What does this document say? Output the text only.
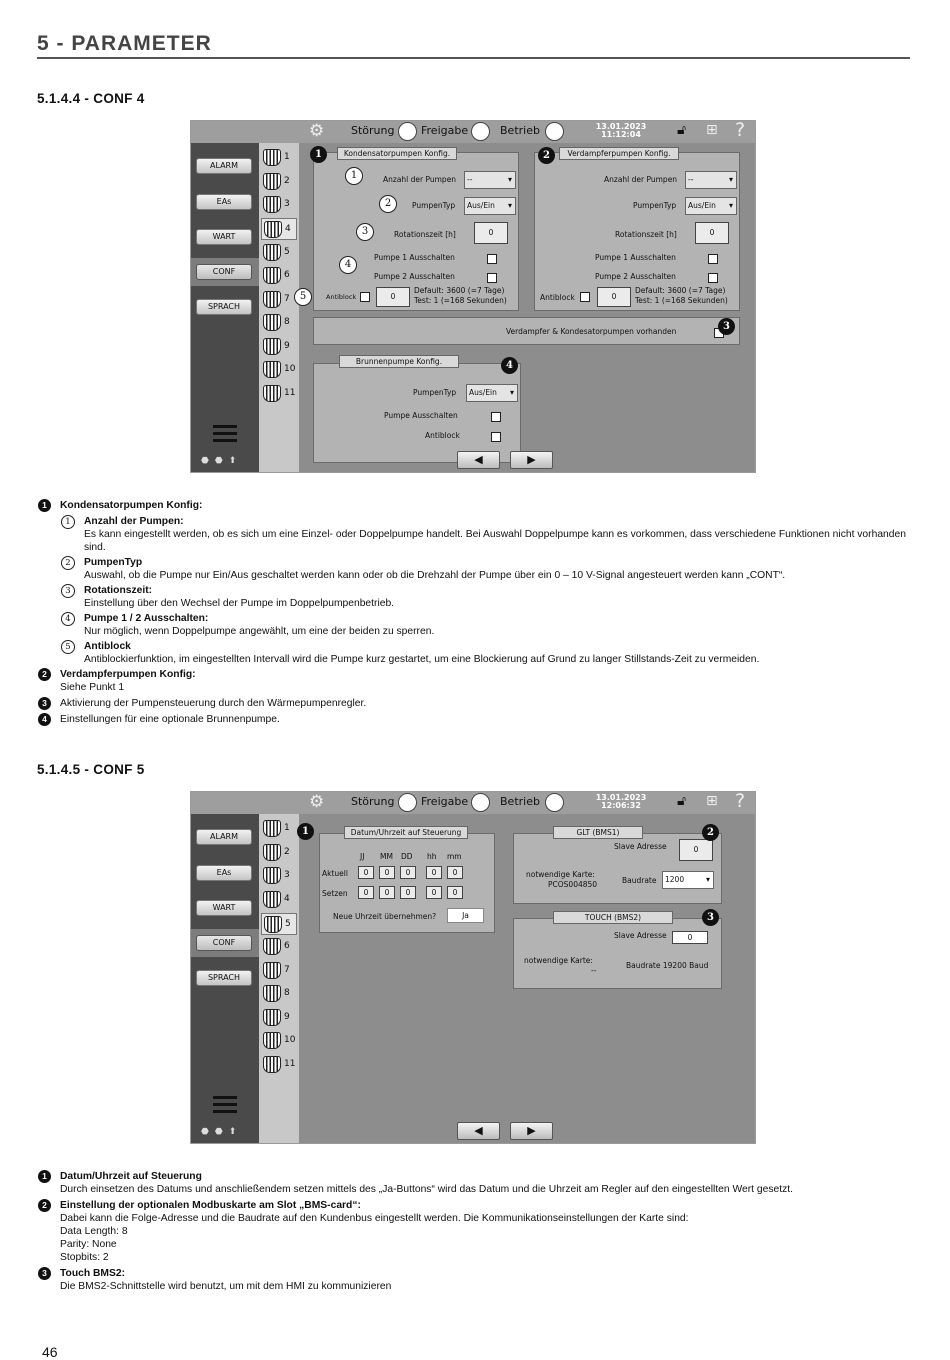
5 - PARAMETER
5.1.4.4 - CONF 4
⚙ Störung Freigabe	Betrieb	13.01.2023
11:12:04	🔓︎ ⊞ ?
ALARM
EAs
WART
CONF
SPRACH
⬣⬣⬆
1
2
3
4
5
6
7
8
9
10
11
Anzahl der Pumpen	-- ▾
PumpenTyp	Aus/Ein ▾
Rotationszeit [h]	0
Pumpe 1 Ausschalten
Pumpe 2 Ausschalten
Antiblock	0
Default: 3600 (=7 Tage)
Test: 1 (=168 Sekunden)
Kondensatorpumpen Konfig.
Anzahl der Pumpen	-- ▾
PumpenTyp	Aus/Ein ▾
Rotationszeit [h]	0
Pumpe 1 Ausschalten
Pumpe 2 Ausschalten
Antiblock	0
Default: 3600 (=7 Tage)
Test: 1 (=168 Sekunden)
Verdampferpumpen Konfig.
Verdampfer & Kondesatorpumpen vorhanden
PumpenTyp	Aus/Ein ▾
Pumpe Ausschalten
Antiblock
Brunnenpumpe Konfig.
◀	▶
1	2
3
4
1
2
3
4
5
1	Kondensatorpumpen Konfig:
1	Anzahl der Pumpen:
Es kann eingestellt werden, ob es sich um eine Einzel- oder Doppelpumpe handelt. Bei Auswahl Doppelpumpe kann es vorkommen, dass verschiedene Funktionen nicht vorhanden sind.
2	PumpenTyp
Auswahl, ob die Pumpe nur Ein/Aus geschaltet werden kann oder ob die Drehzahl der Pumpe über ein 0 – 10 V-Signal angesteuert werden kann „CONT“.
3	Rotationszeit:
Einstellung über den Wechsel der Pumpe im Doppelpumpenbetrieb.
4	Pumpe 1 / 2 Ausschalten:
Nur möglich, wenn Doppelpumpe angewählt, um eine der beiden zu sperren.
5	Antiblock
Antiblockierfunktion, im eingestellten Intervall wird die Pumpe kurz gestartet, um eine Blockierung auf Grund zu langer Stillstands-Zeit zu vermeiden.
2	Verdampferpumpen Konfig:
Siehe Punkt 1
3	Aktivierung der Pumpensteuerung durch den Wärmepumpenregler.
4	Einstellungen für eine optionale Brunnenpumpe.
5.1.4.5 - CONF 5
⚙ Störung Freigabe	Betrieb	13.01.2023
12:06:32	🔓︎ ⊞ ?
ALARM
EAs
WART
CONF
SPRACH
⬣⬣⬆
1
2
3
4
5
6
7
8
9
10
11
JJ MM DD hh mm
Aktuell
Setzen
0	0	0	0	0
0	0	0	0	0
Neue Uhrzeit übernehmen?	Ja
Datum/Uhrzeit auf Steuerung
Slave Adresse	0
notwendige Karte:
PCOS004850	Baudrate	1200 ▾
GLT (BMS1)
Slave Adresse	0
notwendige Karte:
--
Baudrate 19200 Baud
TOUCH (BMS2)
◀	▶
1	2
3
1	Datum/Uhrzeit auf Steuerung
Durch einsetzen des Datums und anschließendem setzen mittels des „Ja-Buttons“ wird das Datum und die Uhrzeit am Regler auf den eingestellten Wert gesetzt.
2	Einstellung der optionalen Modbuskarte am Slot „BMS-card“:
Dabei kann die Folge-Adresse und die Baudrate auf den Kundenbus eingestellt werden. Die Kommunikationseinstellungen der Karte sind:
Data Length: 8
Parity: None
Stopbits: 2
3	Touch BMS2:
Die BMS2-Schnittstelle wird benutzt, um mit dem HMI zu kommunizieren
46
